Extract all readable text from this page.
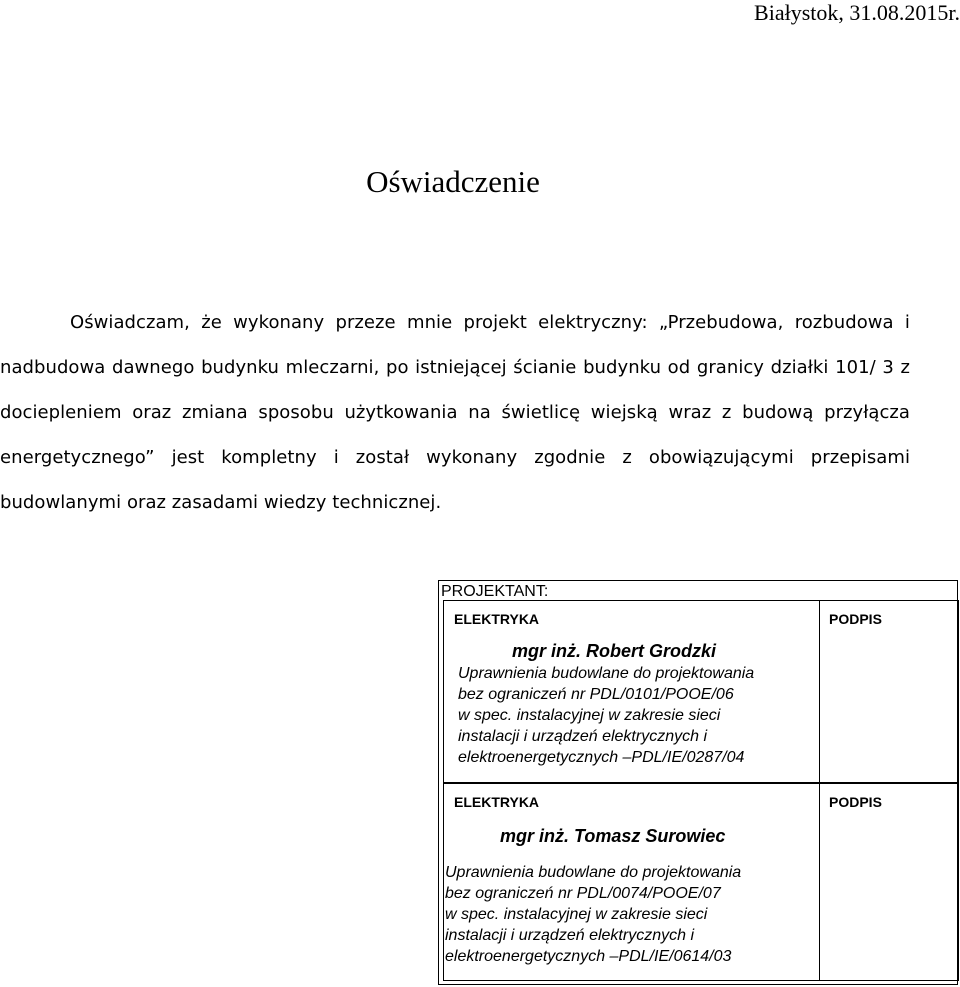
Białystok, 31.08.2015r.

Oświadczenie

Oświadczam, że wykonany przeze mnie projekt elektryczny: „Przebudowa, rozbudowa i nadbudowa dawnego budynku mleczarni, po istniejącej ścianie budynku od granicy działki 101/ 3 z dociepleniem oraz zmiana sposobu użytkowania na świetlicę wiejską wraz z budową przyłącza energetycznego” jest kompletny i został wykonany zgodnie z obowiązującymi przepisami budowlanymi oraz zasadami wiedzy technicznej.

PROJEKTANT:

ELEKTRYKA	PODPIS

mgr inż. Robert Grodzki

Uprawnienia budowlane do projektowania
bez ograniczeń nr PDL/0101/POOE/06
w spec. instalacyjnej w zakresie sieci
instalacji i urządzeń elektrycznych i
elektroenergetycznych –PDL/IE/0287/04

ELEKTRYKA	PODPIS

mgr inż. Tomasz Surowiec

Uprawnienia budowlane do projektowania
bez ograniczeń nr PDL/0074/POOE/07
w spec. instalacyjnej w zakresie sieci
instalacji i urządzeń elektrycznych i
elektroenergetycznych –PDL/IE/0614/03
